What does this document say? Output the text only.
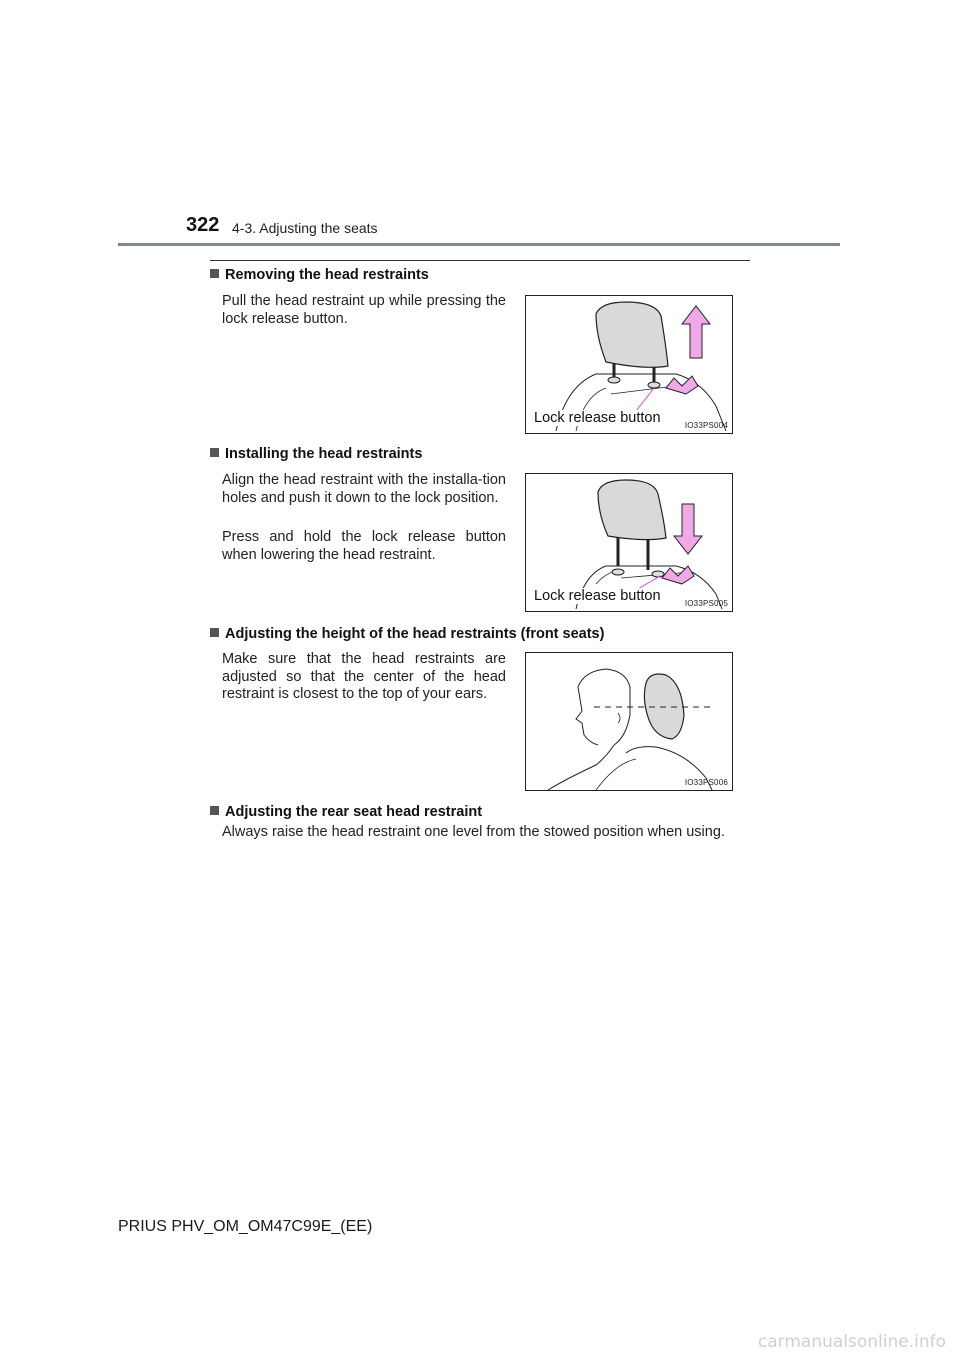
322 4-3. Adjusting the seats
Removing the head restraints

Pull the head restraint up while pressing the lock release button.

Lock release button	IO33PS004
Installing the head restraints

Align the head restraint with the installa-tion holes and push it down to the lock position.

Press and hold the lock release button when lowering the head restraint.

Lock release button	IO33PS005
Adjusting the height of the head restraints (front seats)

Make sure that the head restraints are adjusted so that the center of the head restraint is closest to the top of your ears.

IO33PS006
Adjusting the rear seat head restraint

Always raise the head restraint one level from the stowed position when using.

PRIUS PHV_OM_OM47C99E_(EE)
carmanualsonline.info
